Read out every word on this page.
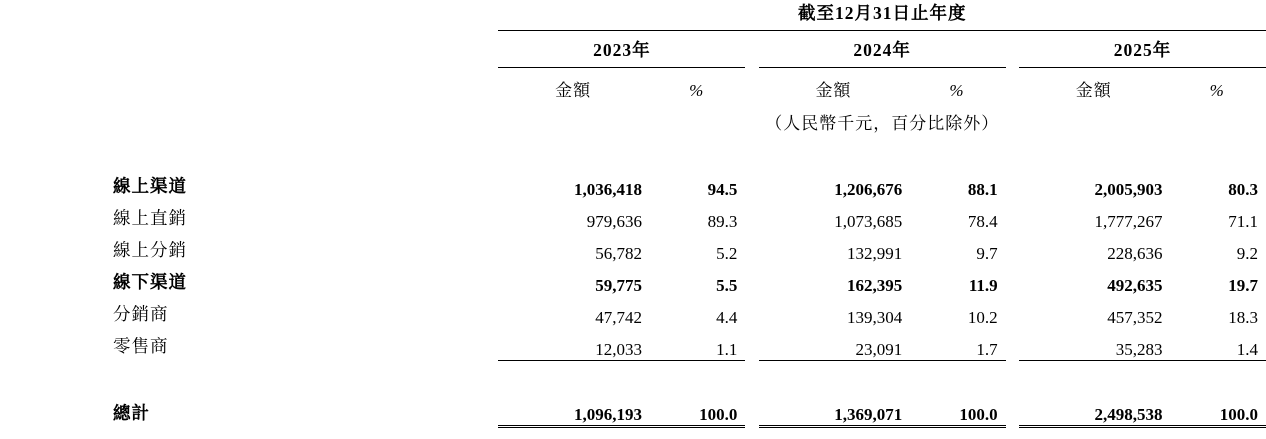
	截至12月31日止年度							
	2023年			2024年			2025年	
	金額	%		金額	%		金額	%
	（人民幣千元，百分比除外）							

線上渠道	1,036,418	94.5		1,206,676	88.1		2,005,903	80.3
線上直銷	979,636	89.3		1,073,685	78.4		1,777,267	71.1
線上分銷	56,782	5.2		132,991	9.7		228,636	9.2
線下渠道	59,775	5.5		162,395	11.9		492,635	19.7
分銷商	47,742	4.4		139,304	10.2		457,352	18.3
零售商	12,033	1.1		23,091	1.7		35,283	1.4

總計	1,096,193	100.0		1,369,071	100.0		2,498,538	100.0
